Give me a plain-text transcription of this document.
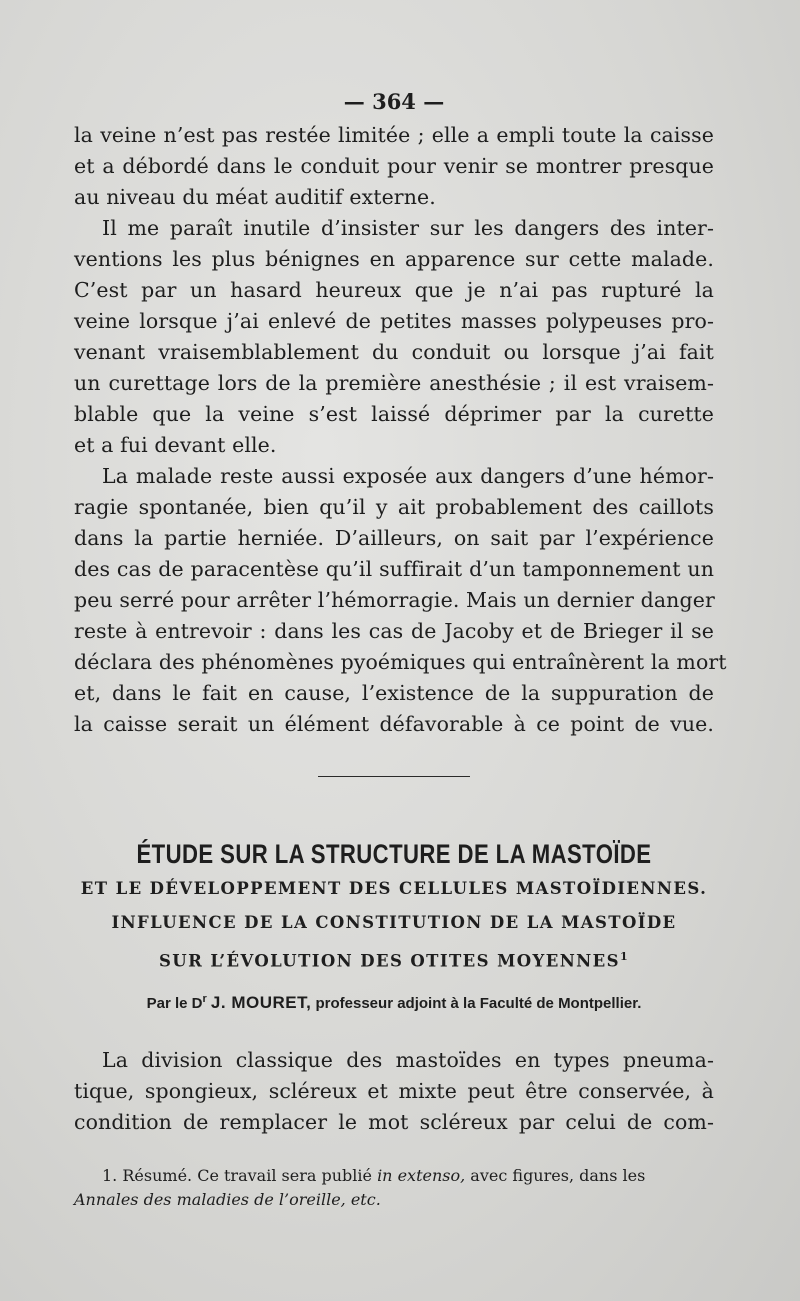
— 364 —

la veine n’est pas restée limitée ; elle a empli toute la caisse
et a débordé dans le conduit pour venir se montrer presque
au niveau du méat auditif externe.

Il me paraît inutile d’insister sur les dangers des inter-
ventions les plus bénignes en apparence sur cette malade.
C’est par un hasard heureux que je n’ai pas rupturé la
veine lorsque j’ai enlevé de petites masses polypeuses pro-
venant vraisemblablement du conduit ou lorsque j’ai fait
un curettage lors de la première anesthésie ; il est vraisem-
blable que la veine s’est laissé déprimer par la curette
et a fui devant elle.

La malade reste aussi exposée aux dangers d’une hémor-
ragie spontanée, bien qu’il y ait probablement des caillots
dans la partie herniée. D’ailleurs, on sait par l’expérience
des cas de paracentèse qu’il suffirait d’un tamponnement un
peu serré pour arrêter l’hémorragie. Mais un dernier danger
reste à entrevoir : dans les cas de Jacoby et de Brieger il se
déclara des phénomènes pyoémiques qui entraînèrent la mort
et, dans le fait en cause, l’existence de la suppuration de
la caisse serait un élément défavorable à ce point de vue.

ÉTUDE SUR LA STRUCTURE DE LA MASTOÏDE
ET LE DÉVELOPPEMENT DES CELLULES MASTOÏDIENNES.
INFLUENCE DE LA CONSTITUTION DE LA MASTOÏDE
SUR L’ÉVOLUTION DES OTITES MOYENNES$^1$
Par le $D^r$ J. MOURET, professeur adjoint à la Faculté de Montpellier.

La division classique des mastoïdes en types pneuma-
tique, spongieux, scléreux et mixte peut être conservée, à
condition de remplacer le mot scléreux par celui de com-

1. Résumé. Ce travail sera publié in extenso, avec figures, dans les
Annales des maladies de l’oreille, etc.
